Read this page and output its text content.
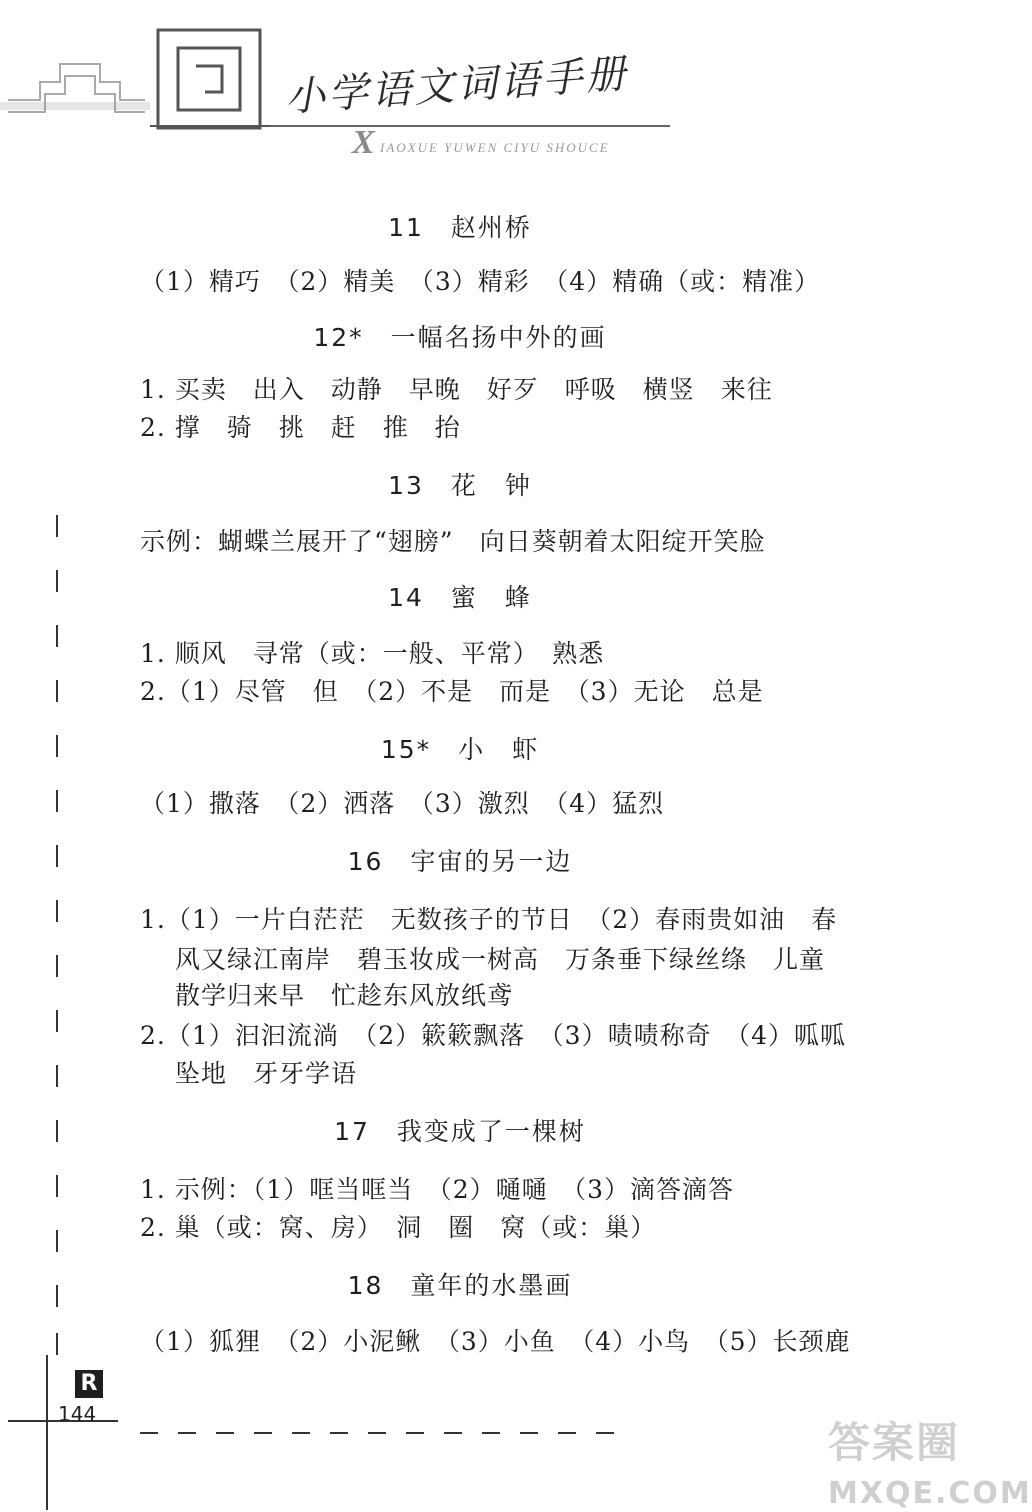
小学语文词语手册
X IAOXUE YUWEN CIYU SHOUCE
11　赵州桥
（1）精巧　（2）精美　（3）精彩　（4）精确（或：精准）
12*　一幅名扬中外的画
1. 买卖　出入　动静　早晚　好歹　呼吸　横竖　来往
2. 撑　骑　挑　赶　推　抬
13　花　钟
示例：蝴蝶兰展开了“翅膀”　向日葵朝着太阳绽开笑脸
14　蜜　蜂
1. 顺风　寻常（或：一般、平常）　熟悉
2.（1）尽管　但　（2）不是　而是　（3）无论　总是
15*　小　虾
（1）撒落　（2）洒落　（3）激烈　（4）猛烈
16　宇宙的另一边
1.（1）一片白茫茫　无数孩子的节日　（2）春雨贵如油　春
风又绿江南岸　碧玉妆成一树高　万条垂下绿丝绦　儿童
散学归来早　忙趁东风放纸鸢
2.（1）汩汩流淌　（2）簌簌飘落　（3）啧啧称奇　（4）呱呱
坠地　牙牙学语
17　我变成了一棵树
1. 示例：（1）哐当哐当　（2）嗵嗵　（3）滴答滴答
2. 巢（或：窝、房）　洞　圈　窝（或：巢）
18　童年的水墨画
（1）狐狸　（2）小泥鳅　（3）小鱼　（4）小鸟　（5）长颈鹿
R
144
答案圈
MXQE.COM
